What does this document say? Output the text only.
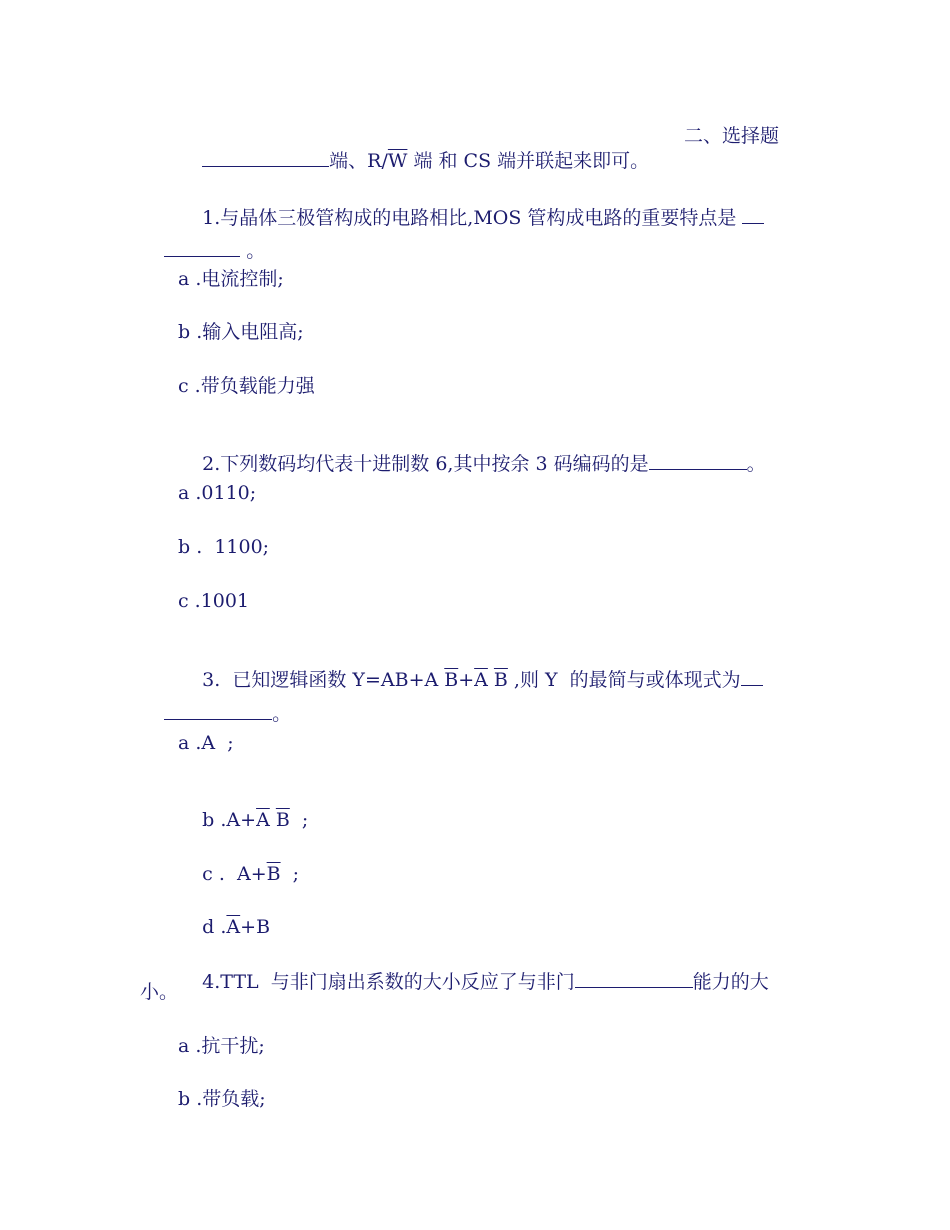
端、$R/\overline{W}$ 端 和 CS 端并联起来即可。

二、选择题

1.与晶体三极管构成的电路相比,MOS 管构成电路的重要特点是

。

a .电流控制;
b .输入电阻高;
c .带负载能力强

2.下列数码均代表十进制数 6,其中按余 3 码编码的是	。

a .0110;
b .  1100;
c .1001

3.  已知逻辑函数 Y=AB+A $\overline{B}+\overline{A}$ $\overline{B}$ ,则 Y  的最简与或体现式为

。

a .A  ;

b $.A+\overline{A}$ $\overline{B}$  ;

c .  $A+\overline{B}$  ;

d $.\overline{A}+B$

4.TTL  与非门扇出系数的大小反应了与非门	能力的大

小。
a .抗干扰;
b .带负载;
